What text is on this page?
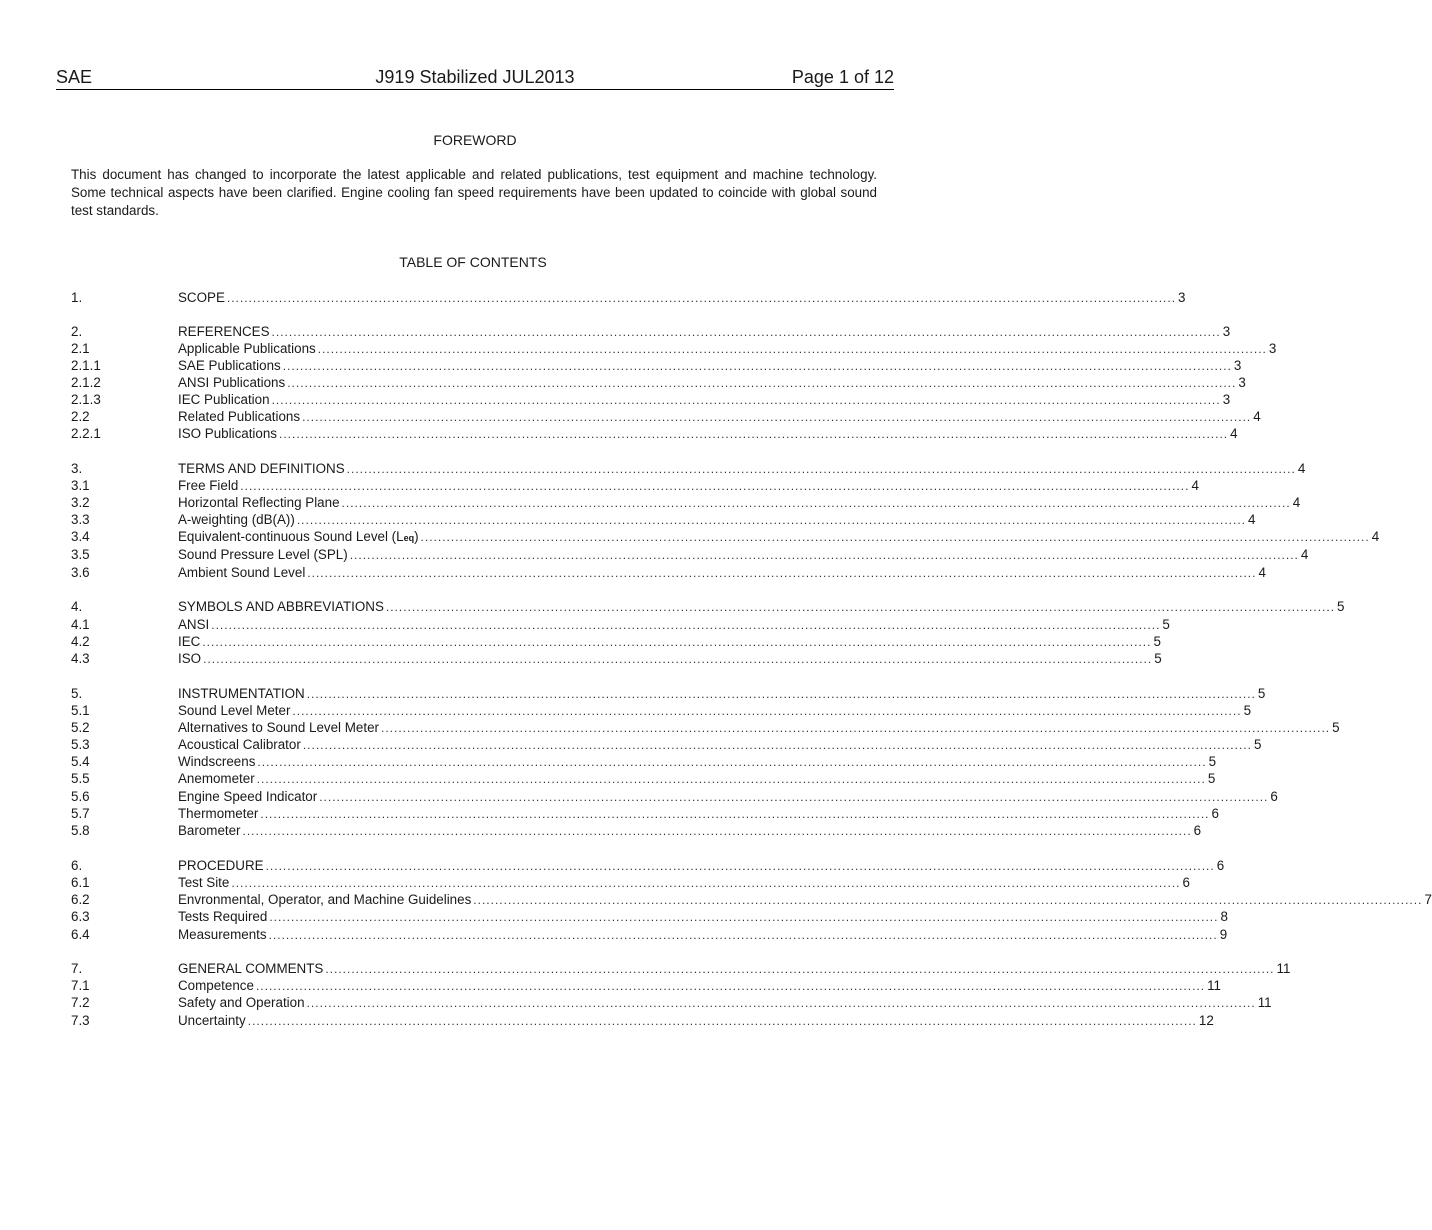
SAE	J919 Stabilized JUL2013	Page 1 of 12
FOREWORD
This document has changed to incorporate the latest applicable and related publications, test equipment and machine technology. Some technical aspects have been clarified. Engine cooling fan speed requirements have been updated to coincide with global sound test standards.
TABLE OF CONTENTS
1.	SCOPE ........................................................................................................................................................................................................................... 3
2.	REFERENCES ........................................................................................................................................................................................................................... 3
2.1	Applicable Publications ........................................................................................................................................................................................................................... 3
2.1.1	SAE Publications ........................................................................................................................................................................................................................... 3
2.1.2	ANSI Publications ........................................................................................................................................................................................................................... 3
2.1.3	IEC Publication ........................................................................................................................................................................................................................... 3
2.2	Related Publications ........................................................................................................................................................................................................................... 4
2.2.1	ISO Publications ........................................................................................................................................................................................................................... 4
3.	TERMS AND DEFINITIONS ........................................................................................................................................................................................................................... 4
3.1	Free Field ........................................................................................................................................................................................................................... 4
3.2	Horizontal Reflecting Plane ........................................................................................................................................................................................................................... 4
3.3	A-weighting (dB(A)) ........................................................................................................................................................................................................................... 4
3.4	Equivalent-continuous Sound Level (Leq) ........................................................................................................................................................................................................................... 4
3.5	Sound Pressure Level (SPL) ........................................................................................................................................................................................................................... 4
3.6	Ambient Sound Level ........................................................................................................................................................................................................................... 4
4.	SYMBOLS AND ABBREVIATIONS ........................................................................................................................................................................................................................... 5
4.1	ANSI ........................................................................................................................................................................................................................... 5
4.2	IEC ........................................................................................................................................................................................................................... 5
4.3	ISO ........................................................................................................................................................................................................................... 5
5.	INSTRUMENTATION ........................................................................................................................................................................................................................... 5
5.1	Sound Level Meter ........................................................................................................................................................................................................................... 5
5.2	Alternatives to Sound Level Meter ........................................................................................................................................................................................................................... 5
5.3	Acoustical Calibrator ........................................................................................................................................................................................................................... 5
5.4	Windscreens ........................................................................................................................................................................................................................... 5
5.5	Anemometer ........................................................................................................................................................................................................................... 5
5.6	Engine Speed Indicator ........................................................................................................................................................................................................................... 6
5.7	Thermometer ........................................................................................................................................................................................................................... 6
5.8	Barometer ........................................................................................................................................................................................................................... 6
6.	PROCEDURE ........................................................................................................................................................................................................................... 6
6.1	Test Site ........................................................................................................................................................................................................................... 6
6.2	Envronmental, Operator, and Machine Guidelines ........................................................................................................................................................................................................................... 7
6.3	Tests Required ........................................................................................................................................................................................................................... 8
6.4	Measurements ........................................................................................................................................................................................................................... 9
7.	GENERAL COMMENTS ........................................................................................................................................................................................................................... 11
7.1	Competence ........................................................................................................................................................................................................................... 11
7.2	Safety and Operation ........................................................................................................................................................................................................................... 11
7.3	Uncertainty ........................................................................................................................................................................................................................... 12
